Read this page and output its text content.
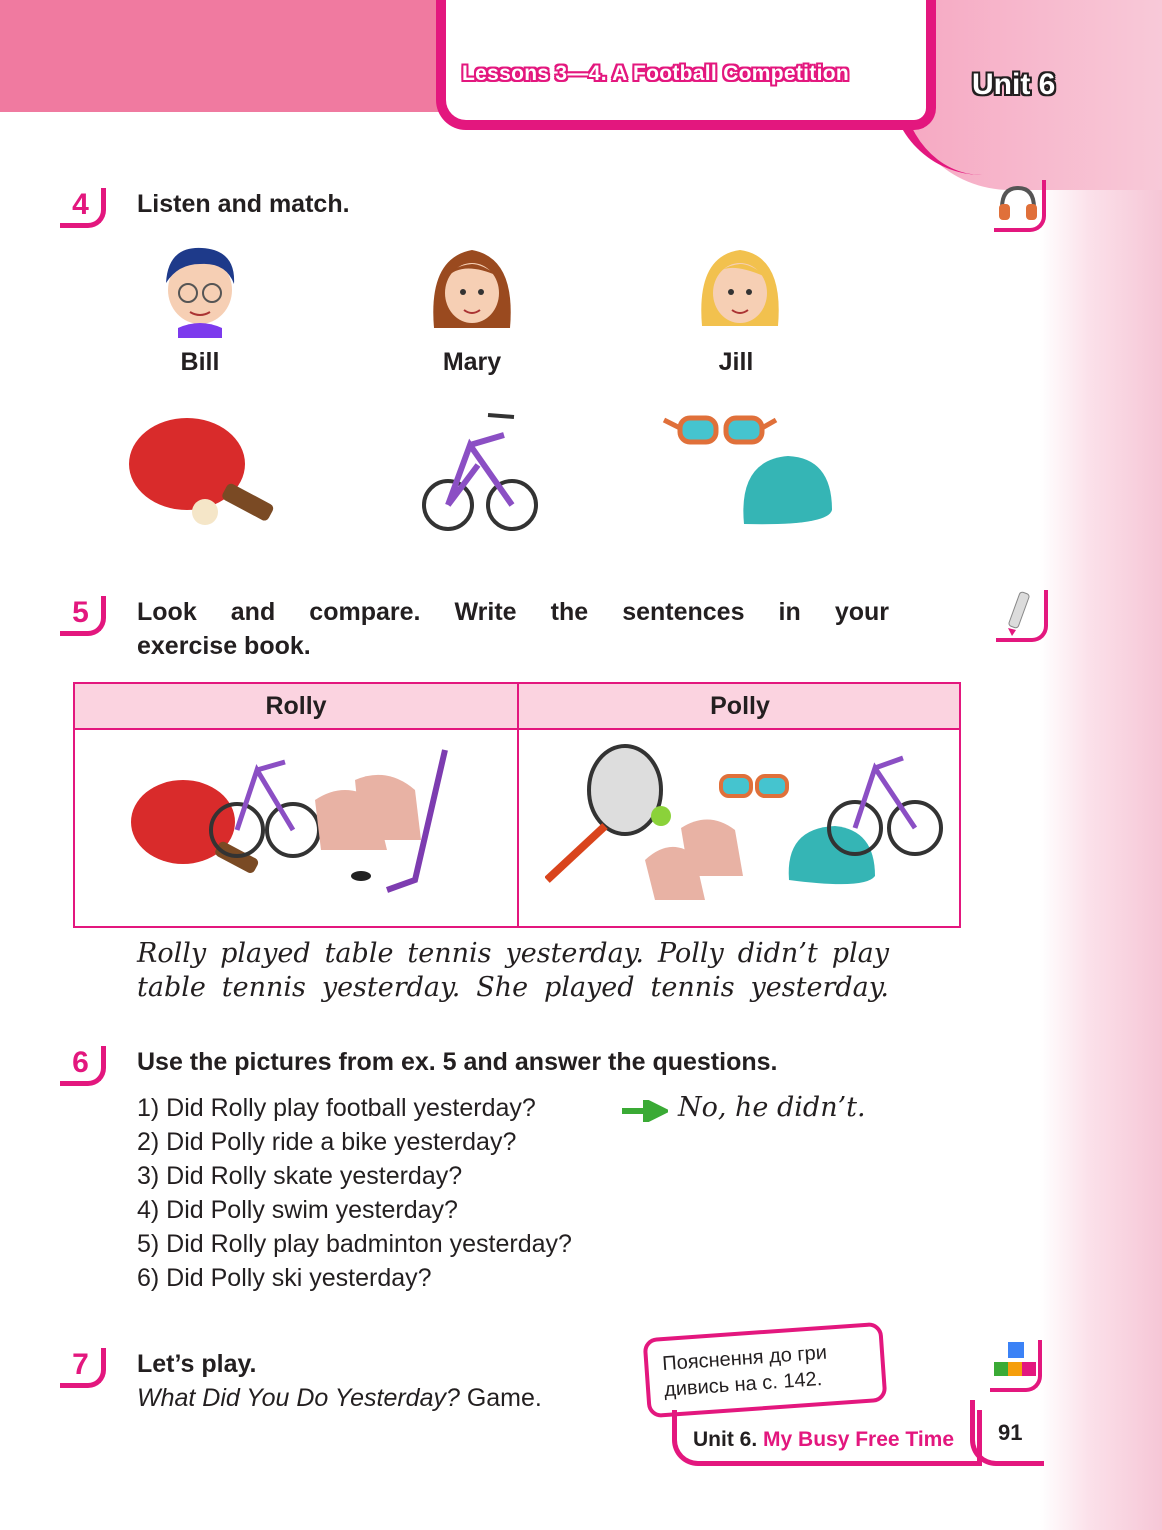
Lessons 3—4. A Football Competition	Unit 6
4	Listen and match.
Bill	Mary	Jill
5	Look and compare. Write the sentences in your
exercise book.
Rolly	Polly
Rolly played table tennis yesterday. Polly didn’t play
table tennis yesterday. She played tennis yesterday.
6	Use the pictures from ex. 5 and answer the questions.
1) Did Rolly play football yesterday?	No, he didn’t.
2) Did Polly ride a bike yesterday?
3) Did Rolly skate yesterday?
4) Did Polly swim yesterday?
5) Did Rolly play badminton yesterday?
6) Did Polly ski yesterday?
7	Let’s play.
What Did You Do Yesterday? Game.
Пояснення до гри
дивись на с. 142.
Unit 6. My Busy Free Time 91
